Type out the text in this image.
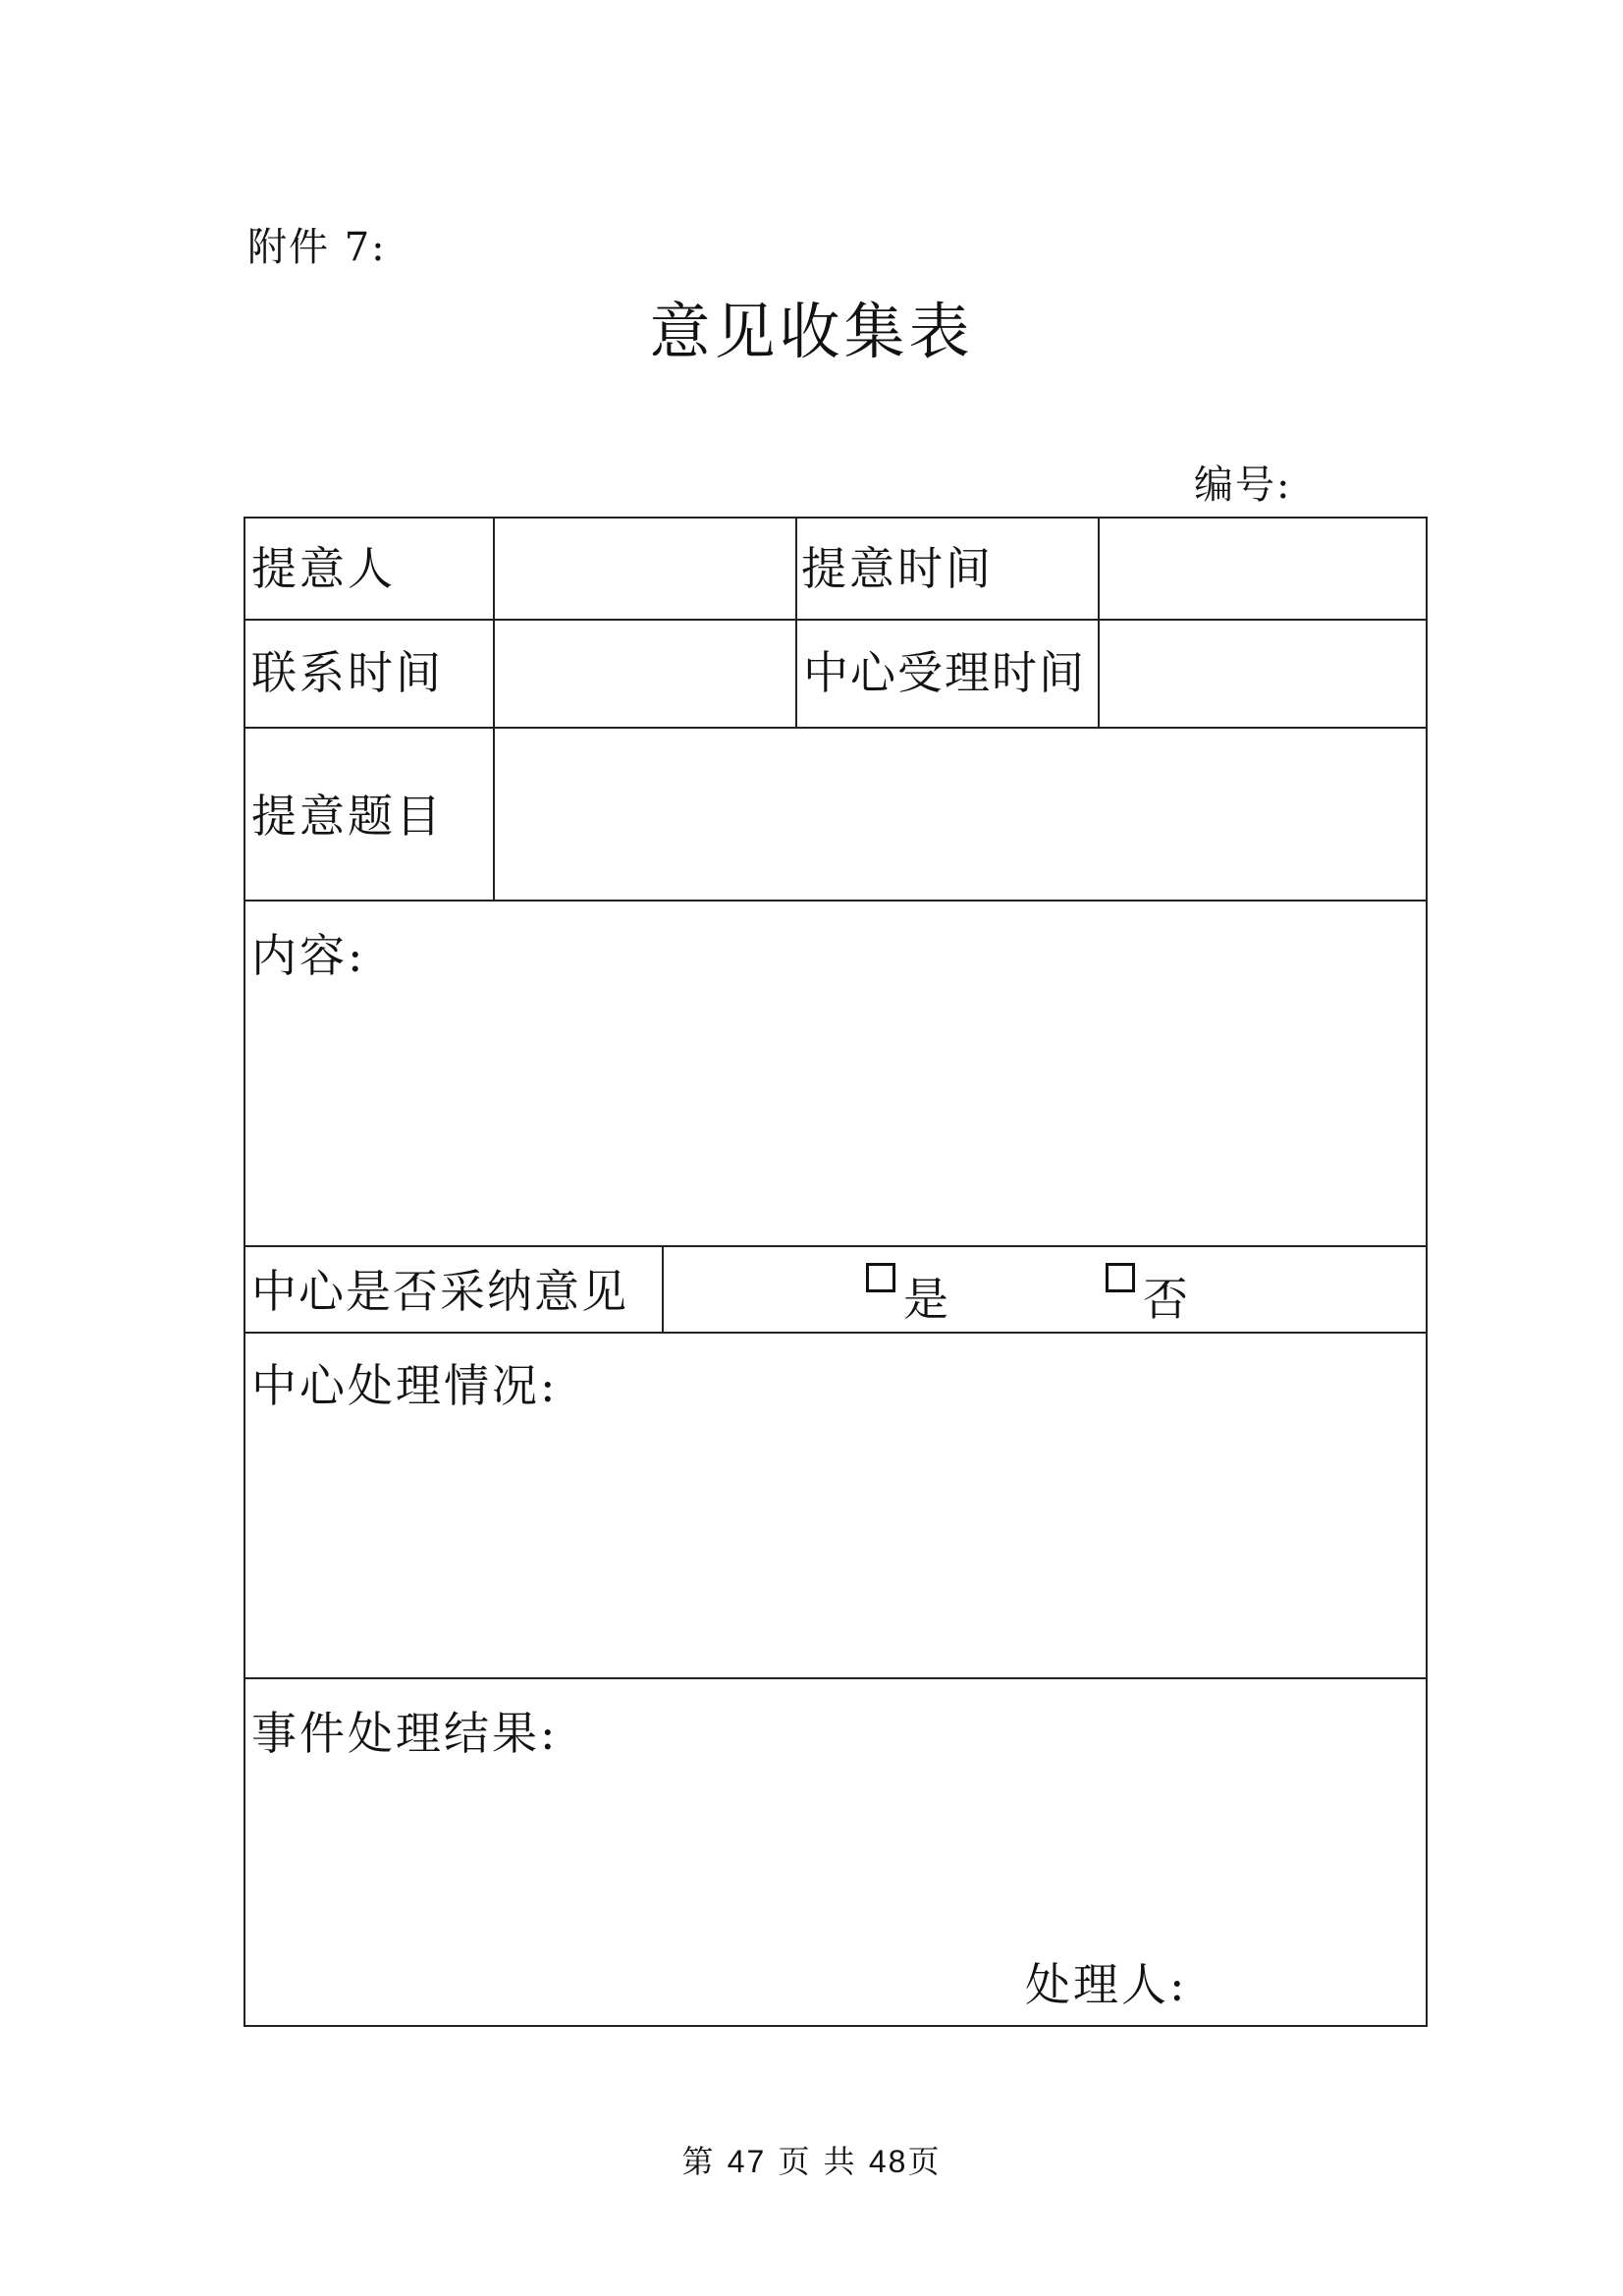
附件 7:
意见收集表
编号:
提意人	提意时间
联系时间	中心受理时间
提意题目
内容:
中心是否采纳意见	是	否
中心处理情况:
事件处理结果:
处理人:
第 47 页 共 48页
